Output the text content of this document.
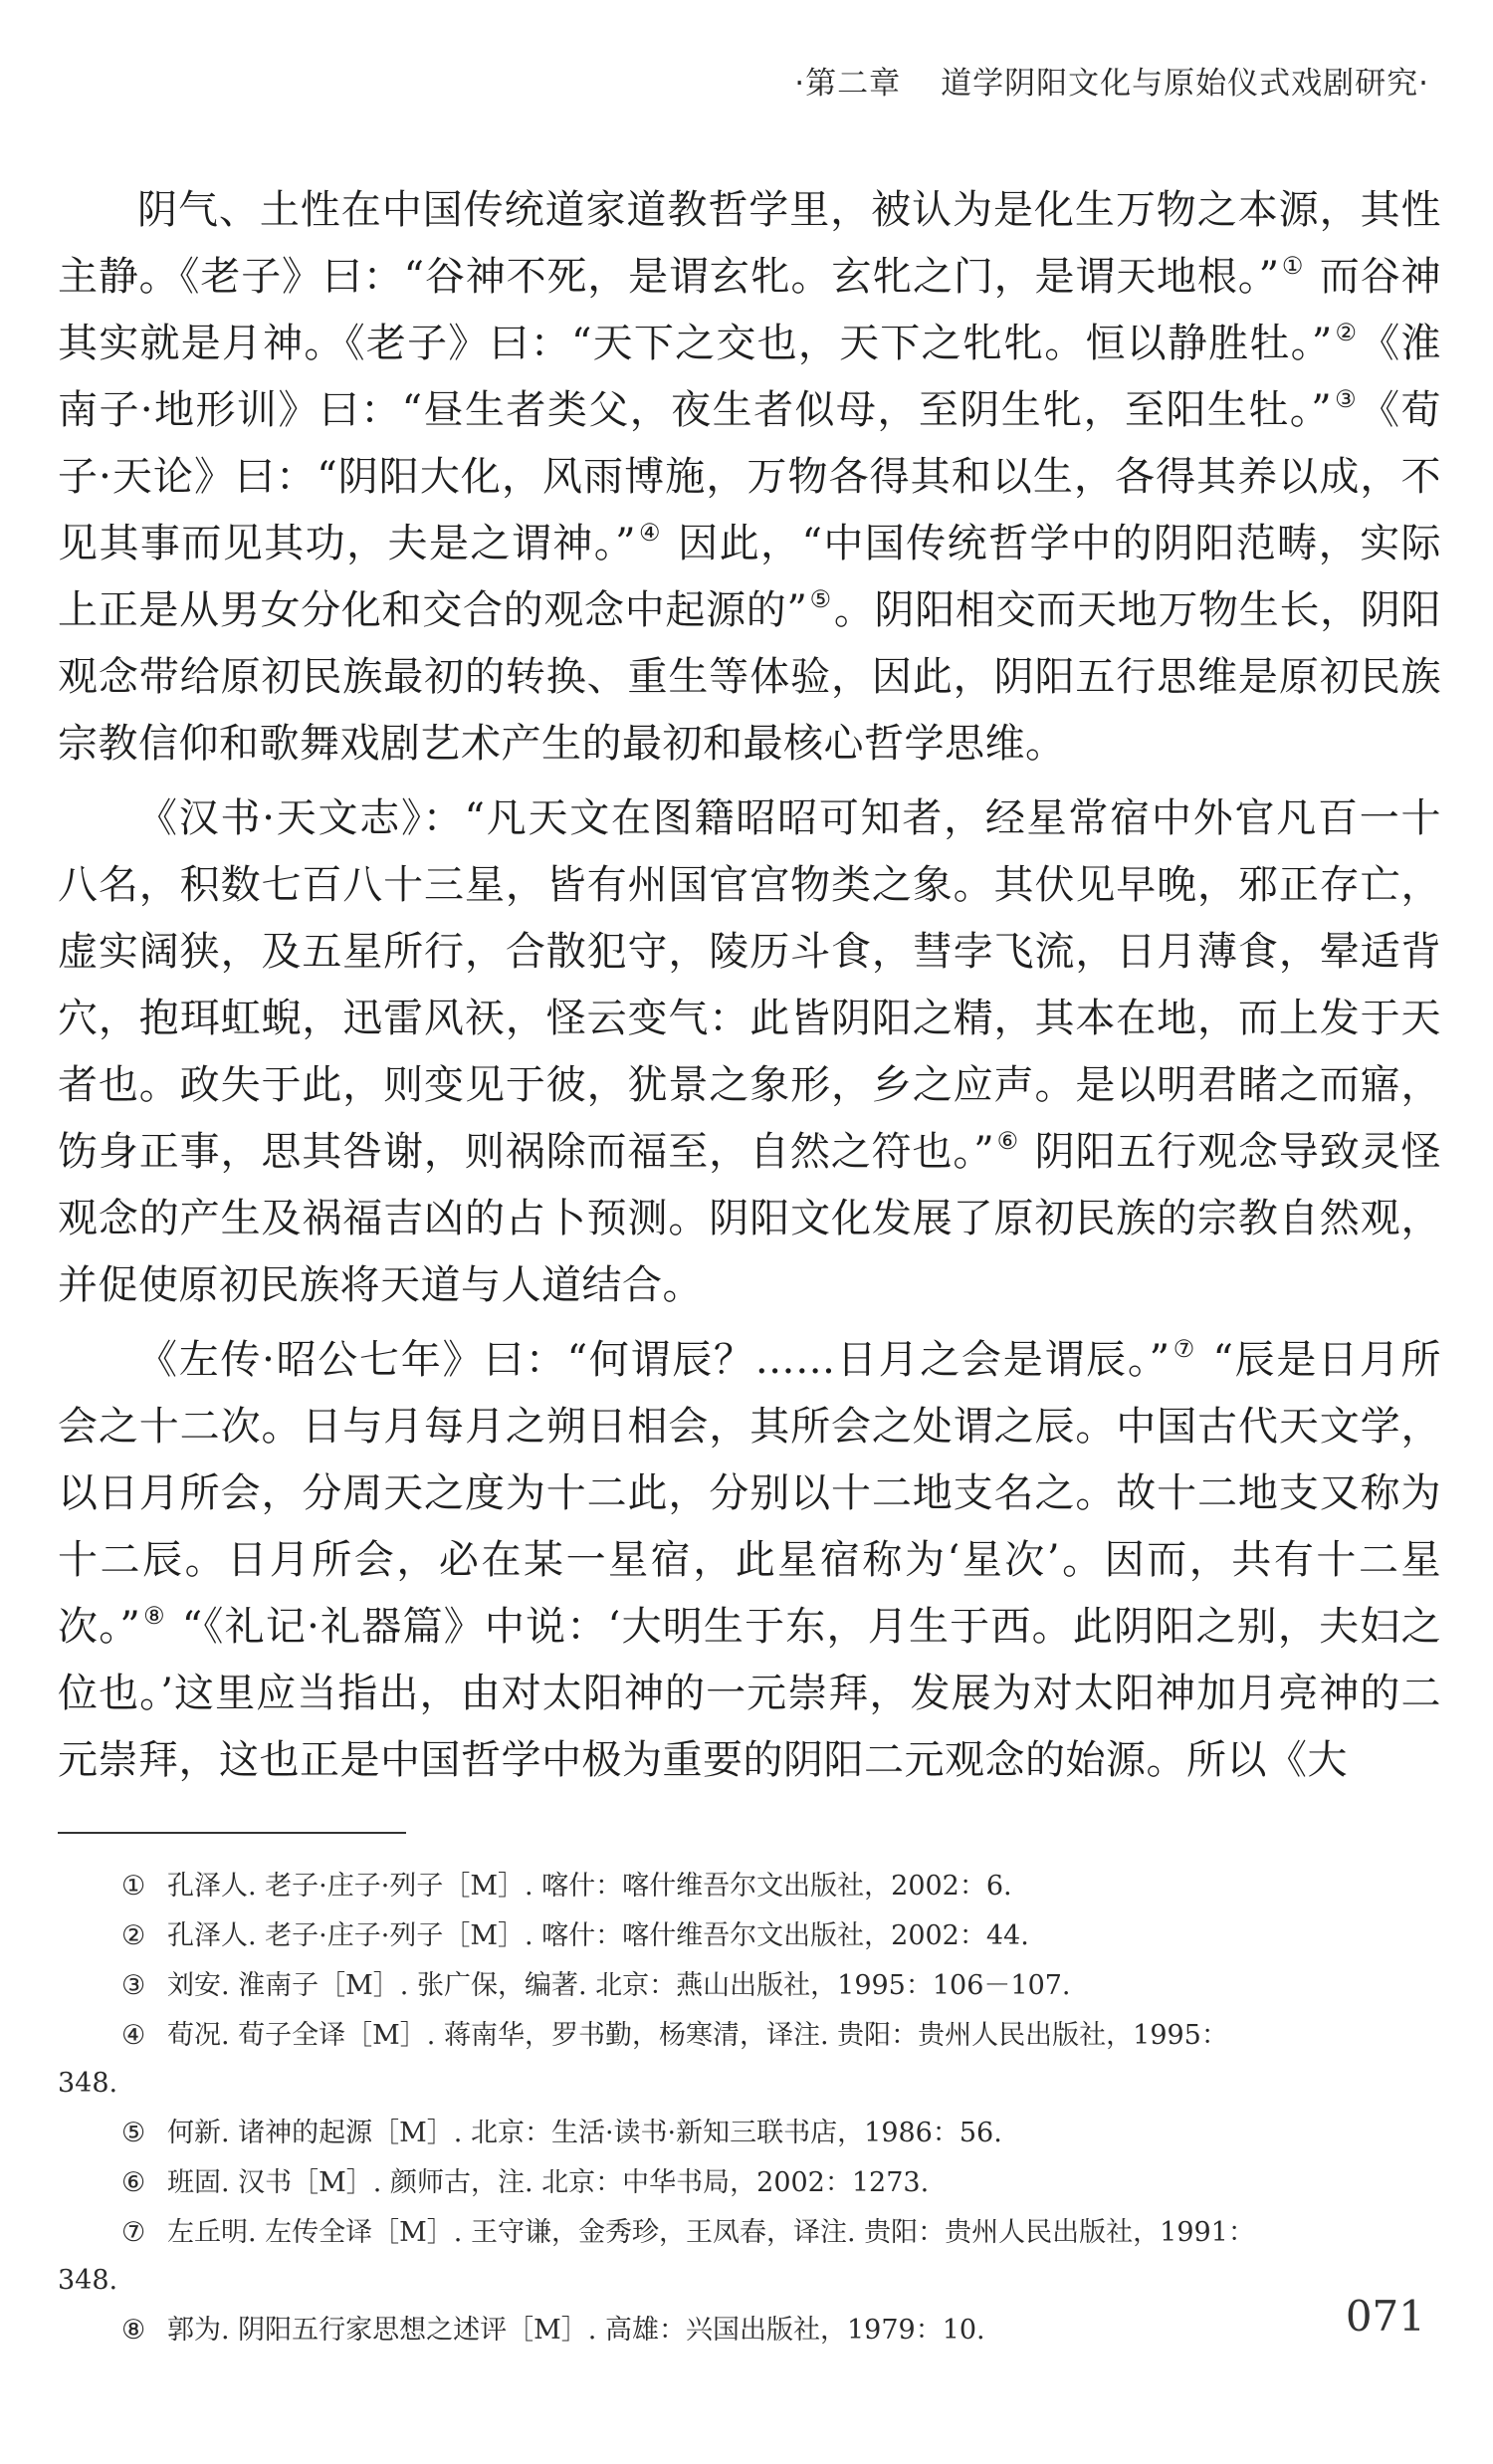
·第二章 道学阴阳文化与原始仪式戏剧研究·

阴气、土性在中国传统道家道教哲学里，被认为是化生万物之本源，其性主静。《老子》曰：“谷神不死，是谓玄牝。玄牝之门，是谓天地根。”① 而谷神其实就是月神。《老子》曰：“天下之交也，天下之牝牝。恒以静胜牡。”②《淮南子·地形训》曰：“昼生者类父，夜生者似母，至阴生牝，至阳生牡。”③《荀子·天论》曰：“阴阳大化，风雨博施，万物各得其和以生，各得其养以成，不见其事而见其功，夫是之谓神。”④ 因此，“中国传统哲学中的阴阳范畴，实际上正是从男女分化和交合的观念中起源的”⑤。阴阳相交而天地万物生长，阴阳观念带给原初民族最初的转换、重生等体验，因此，阴阳五行思维是原初民族宗教信仰和歌舞戏剧艺术产生的最初和最核心哲学思维。

《汉书·天文志》：“凡天文在图籍昭昭可知者，经星常宿中外官凡百一十八名，积数七百八十三星，皆有州国官宫物类之象。其伏见早晚，邪正存亡，虚实阔狭，及五星所行，合散犯守，陵历斗食，彗孛飞流，日月薄食，晕适背穴，抱珥虹蜺，迅雷风祆，怪云变气：此皆阴阳之精，其本在地，而上发于天者也。政失于此，则变见于彼，犹景之象形，乡之应声。是以明君睹之而寤，饬身正事，思其咎谢，则祸除而福至，自然之符也。”⑥ 阴阳五行观念导致灵怪观念的产生及祸福吉凶的占卜预测。阴阳文化发展了原初民族的宗教自然观，并促使原初民族将天道与人道结合。

《左传·昭公七年》曰：“何谓辰？……日月之会是谓辰。”⑦ “辰是日月所会之十二次。日与月每月之朔日相会，其所会之处谓之辰。中国古代天文学，以日月所会，分周天之度为十二此，分别以十二地支名之。故十二地支又称为十二辰。日月所会，必在某一星宿，此星宿称为‘星次’。因而，共有十二星次。”⑧ “《礼记·礼器篇》中说：‘大明生于东，月生于西。此阴阳之别，夫妇之位也。’这里应当指出，由对太阳神的一元崇拜，发展为对太阳神加月亮神的二元崇拜，这也正是中国哲学中极为重要的阴阳二元观念的始源。所以《大

① 孔泽人. 老子·庄子·列子［M］. 喀什：喀什维吾尔文出版社，2002：6.
② 孔泽人. 老子·庄子·列子［M］. 喀什：喀什维吾尔文出版社，2002：44.
③ 刘安. 淮南子［M］. 张广保，编著. 北京：燕山出版社，1995：106－107.
④ 荀况. 荀子全译［M］. 蒋南华，罗书勤，杨寒清，译注. 贵阳：贵州人民出版社，1995：
348.
⑤ 何新. 诸神的起源［M］. 北京：生活·读书·新知三联书店，1986：56.
⑥ 班固. 汉书［M］. 颜师古，注. 北京：中华书局，2002：1273.
⑦ 左丘明. 左传全译［M］. 王守谦，金秀珍，王凤春，译注. 贵阳：贵州人民出版社，1991：
348.
⑧ 郭为. 阴阳五行家思想之述评［M］. 高雄：兴国出版社，1979：10.	071
